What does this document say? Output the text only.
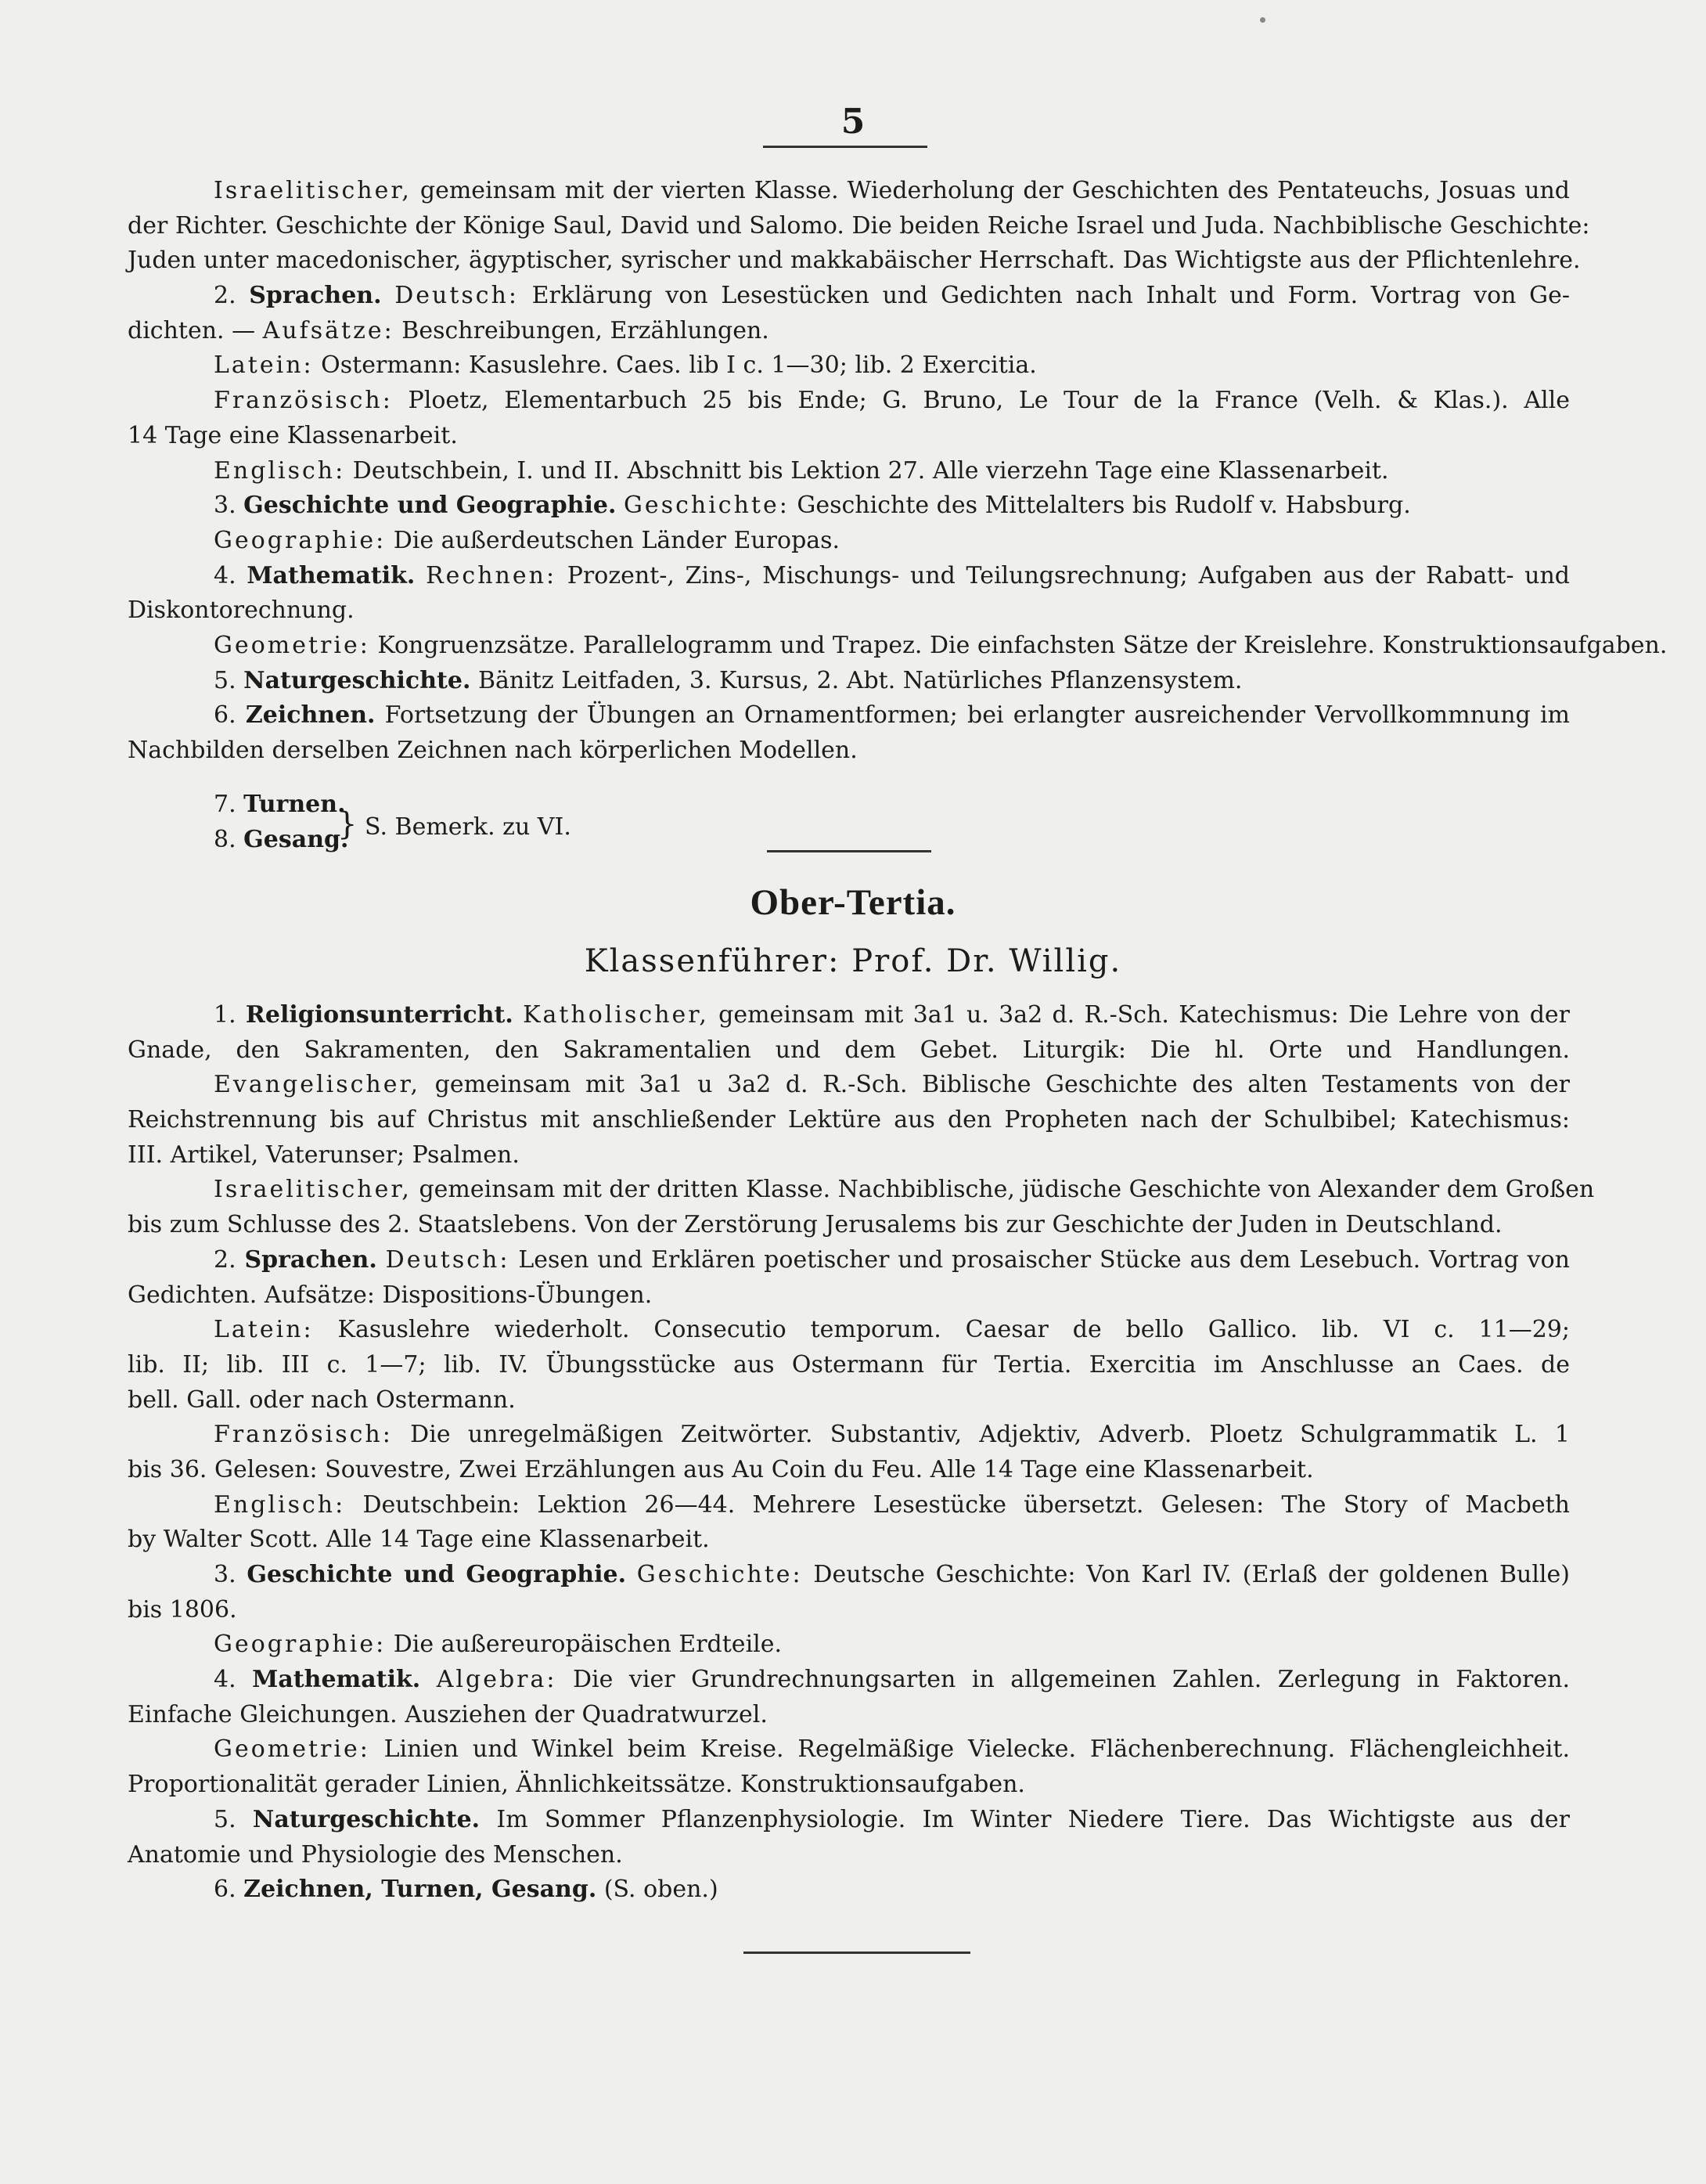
5
Israelitischer, gemeinsam mit der vierten Klasse. Wiederholung der Geschichten des Pentateuchs, Josuas und
der Richter. Geschichte der Könige Saul, David und Salomo. Die beiden Reiche Israel und Juda. Nachbiblische Geschichte:
Juden unter macedonischer, ägyptischer, syrischer und makkabäischer Herrschaft. Das Wichtigste aus der Pflichtenlehre.
2. Sprachen. Deutsch: Erklärung von Lesestücken und Gedichten nach Inhalt und Form. Vortrag von Ge-
dichten. — Aufsätze: Beschreibungen, Erzählungen.
Latein: Ostermann: Kasuslehre. Caes. lib I c. 1—30; lib. 2 Exercitia.
Französisch: Ploetz, Elementarbuch 25 bis Ende; G. Bruno, Le Tour de la France (Velh. & Klas.). Alle
14 Tage eine Klassenarbeit.
Englisch: Deutschbein, I. und II. Abschnitt bis Lektion 27. Alle vierzehn Tage eine Klassenarbeit.
3. Geschichte und Geographie. Geschichte: Geschichte des Mittelalters bis Rudolf v. Habsburg.
Geographie: Die außerdeutschen Länder Europas.
4. Mathematik. Rechnen: Prozent-, Zins-, Mischungs- und Teilungsrechnung; Aufgaben aus der Rabatt- und
Diskontorechnung.
Geometrie: Kongruenzsätze. Parallelogramm und Trapez. Die einfachsten Sätze der Kreislehre. Konstruktionsaufgaben.
5. Naturgeschichte. Bänitz Leitfaden, 3. Kursus, 2. Abt. Natürliches Pflanzensystem.
6. Zeichnen. Fortsetzung der Übungen an Ornamentformen; bei erlangter ausreichender Vervollkommnung im
Nachbilden derselben Zeichnen nach körperlichen Modellen.
7. Turnen.
8. Gesang.
} S. Bemerk. zu VI.
Ober-Tertia.
Klassenführer: Prof. Dr. Willig.
1. Religionsunterricht. Katholischer, gemeinsam mit 3a1 u. 3a2 d. R.-Sch. Katechismus: Die Lehre von der
Gnade, den Sakramenten, den Sakramentalien und dem Gebet. Liturgik: Die hl. Orte und Handlungen.
Evangelischer, gemeinsam mit 3a1 u 3a2 d. R.-Sch. Biblische Geschichte des alten Testaments von der
Reichstrennung bis auf Christus mit anschließender Lektüre aus den Propheten nach der Schulbibel; Katechismus:
III. Artikel, Vaterunser; Psalmen.
Israelitischer, gemeinsam mit der dritten Klasse. Nachbiblische, jüdische Geschichte von Alexander dem Großen
bis zum Schlusse des 2. Staatslebens. Von der Zerstörung Jerusalems bis zur Geschichte der Juden in Deutschland.
2. Sprachen. Deutsch: Lesen und Erklären poetischer und prosaischer Stücke aus dem Lesebuch. Vortrag von
Gedichten. Aufsätze: Dispositions-Übungen.
Latein: Kasuslehre wiederholt. Consecutio temporum. Caesar de bello Gallico. lib. VI c. 11—29;
lib. II; lib. III c. 1—7; lib. IV. Übungsstücke aus Ostermann für Tertia. Exercitia im Anschlusse an Caes. de
bell. Gall. oder nach Ostermann.
Französisch: Die unregelmäßigen Zeitwörter. Substantiv, Adjektiv, Adverb. Ploetz Schulgrammatik L. 1
bis 36. Gelesen: Souvestre, Zwei Erzählungen aus Au Coin du Feu. Alle 14 Tage eine Klassenarbeit.
Englisch: Deutschbein: Lektion 26—44. Mehrere Lesestücke übersetzt. Gelesen: The Story of Macbeth
by Walter Scott. Alle 14 Tage eine Klassenarbeit.
3. Geschichte und Geographie. Geschichte: Deutsche Geschichte: Von Karl IV. (Erlaß der goldenen Bulle)
bis 1806.
Geographie: Die außereuropäischen Erdteile.
4. Mathematik. Algebra: Die vier Grundrechnungsarten in allgemeinen Zahlen. Zerlegung in Faktoren.
Einfache Gleichungen. Ausziehen der Quadratwurzel.
Geometrie: Linien und Winkel beim Kreise. Regelmäßige Vielecke. Flächenberechnung. Flächengleichheit.
Proportionalität gerader Linien, Ähnlichkeitssätze. Konstruktionsaufgaben.
5. Naturgeschichte. Im Sommer Pflanzenphysiologie. Im Winter Niedere Tiere. Das Wichtigste aus der
Anatomie und Physiologie des Menschen.
6. Zeichnen, Turnen, Gesang. (S. oben.)
